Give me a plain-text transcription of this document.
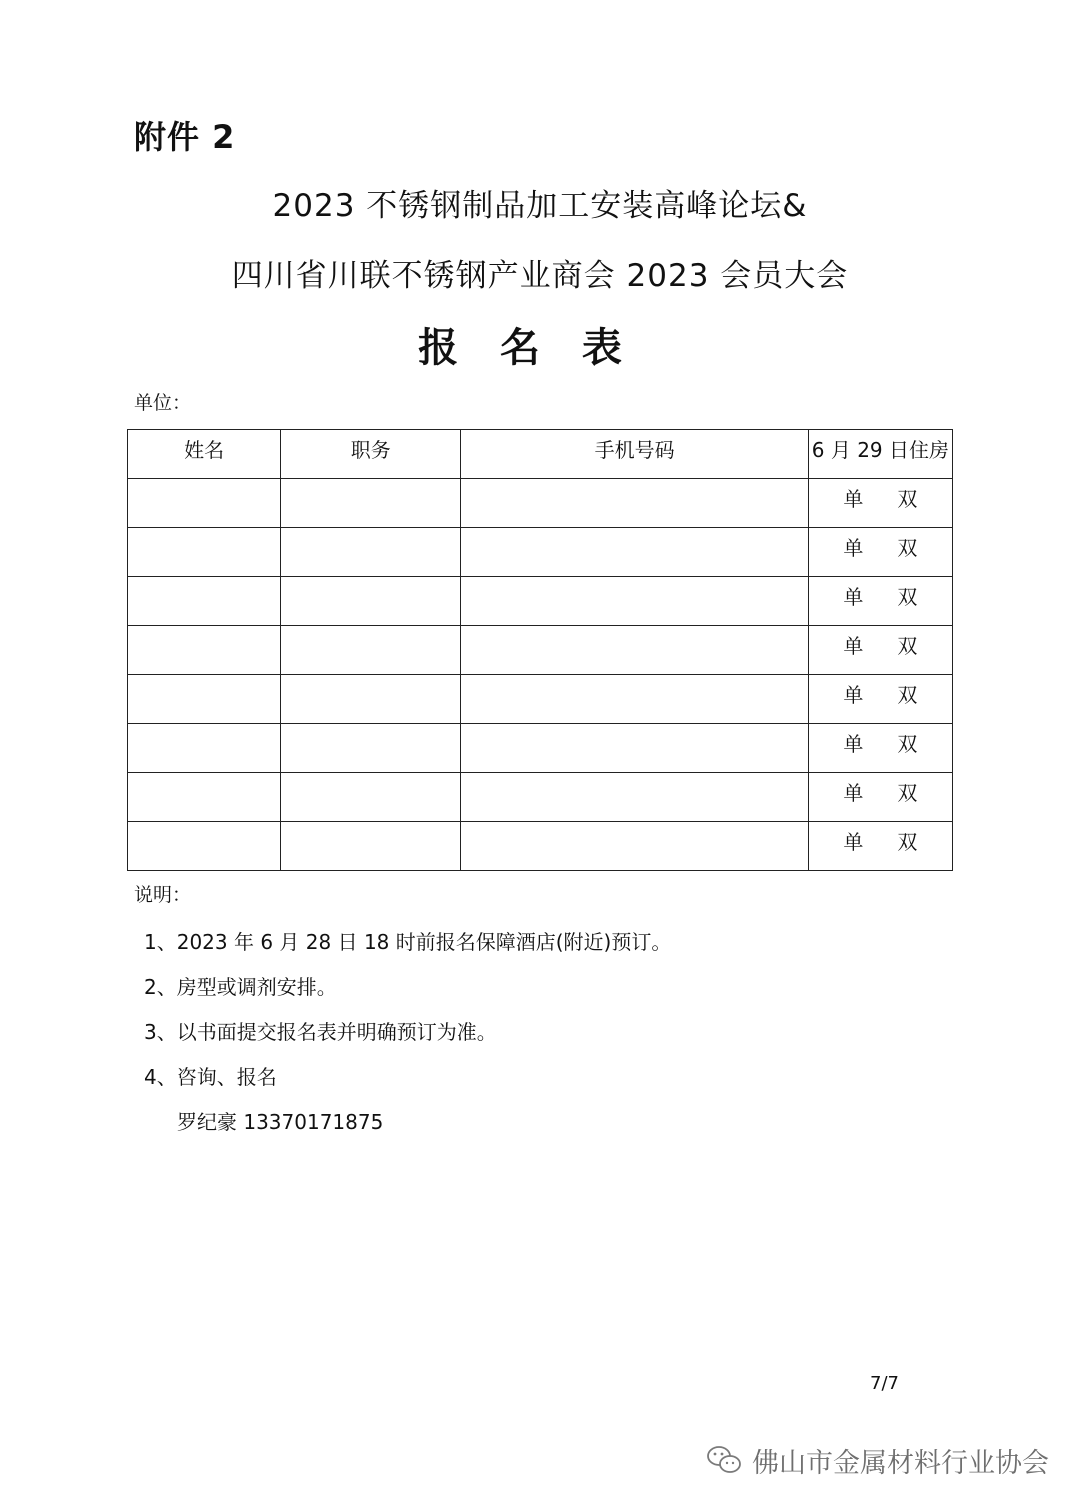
附件 2
2023 不锈钢制品加工安装高峰论坛&
四川省川联不锈钢产业商会 2023 会员大会
报 名 表
单位：
姓名	职务	手机号码	6 月 29 日住房
			单 双
			单 双
			单 双
			单 双
			单 双
			单 双
			单 双
			单 双
说明：
1、2023 年 6 月 28 日 18 时前报名保障酒店(附近)预订。
2、房型或调剂安排。
3、以书面提交报名表并明确预订为准。
4、咨询、报名
罗纪豪 13370171875
7/7
佛山市金属材料行业协会
